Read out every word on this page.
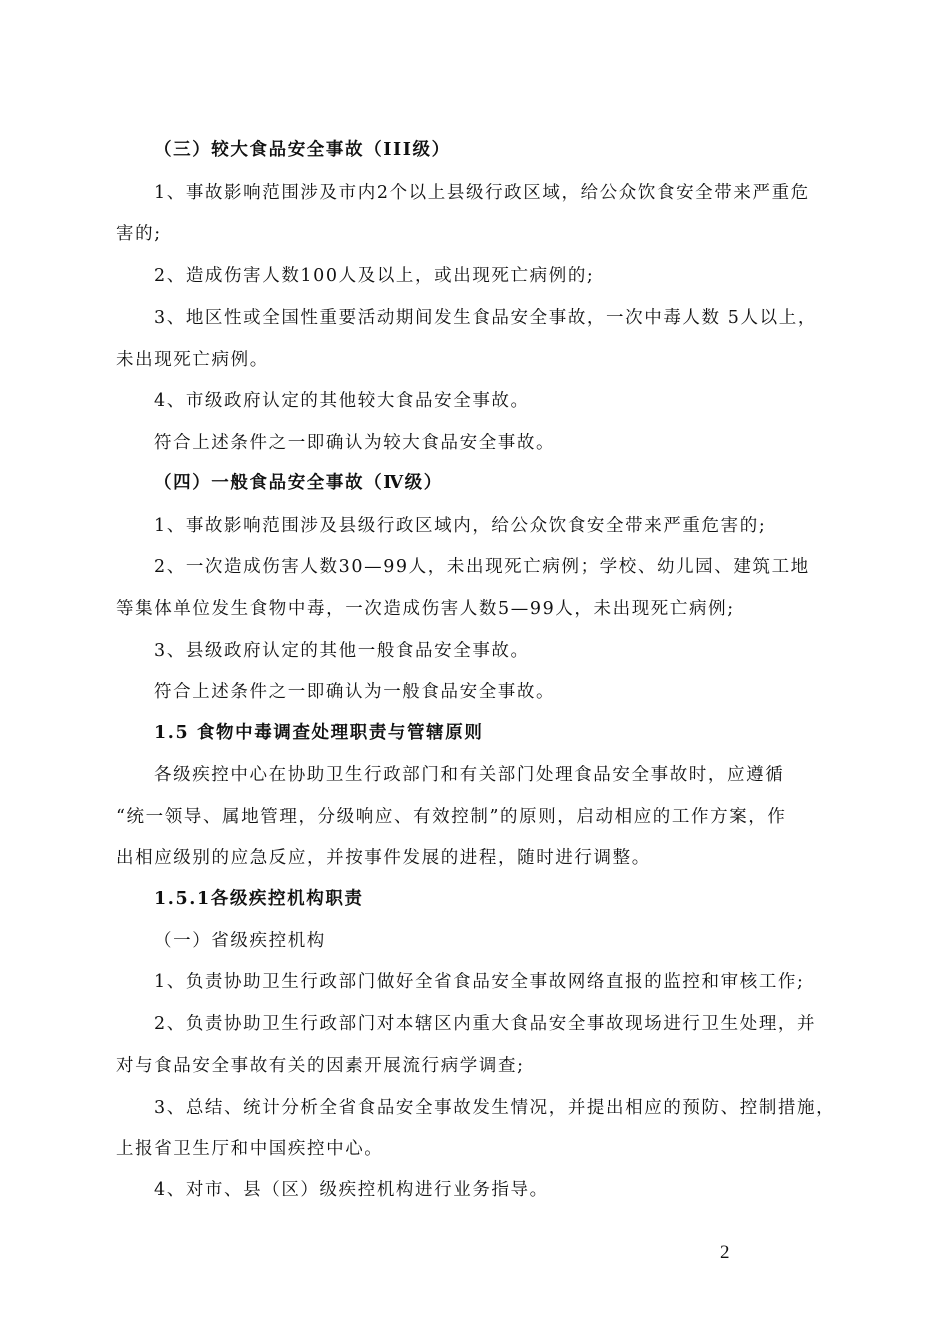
（三）较大食品安全事故（III级）
1、事故影响范围涉及市内2个以上县级行政区域，给公众饮食安全带来严重危
害的;
2、造成伤害人数100人及以上，或出现死亡病例的;
3、地区性或全国性重要活动期间发生食品安全事故，一次中毒人数 5人以上，
未出现死亡病例。
4、市级政府认定的其他较大食品安全事故。
符合上述条件之一即确认为较大食品安全事故。
（四）一般食品安全事故（Ⅳ级）
1、事故影响范围涉及县级行政区域内，给公众饮食安全带来严重危害的;
2、一次造成伤害人数30—99人，未出现死亡病例；学校、幼儿园、建筑工地
等集体单位发生食物中毒，一次造成伤害人数5—99人，未出现死亡病例;
3、县级政府认定的其他一般食品安全事故。
符合上述条件之一即确认为一般食品安全事故。
1.5 食物中毒调查处理职责与管辖原则
各级疾控中心在协助卫生行政部门和有关部门处理食品安全事故时，应遵循
“统一领导、属地管理，分级响应、有效控制”的原则，启动相应的工作方案，作
出相应级别的应急反应，并按事件发展的进程，随时进行调整。
1.5.1各级疾控机构职责
（一）省级疾控机构
1、负责协助卫生行政部门做好全省食品安全事故网络直报的监控和审核工作;
2、负责协助卫生行政部门对本辖区内重大食品安全事故现场进行卫生处理，并
对与食品安全事故有关的因素开展流行病学调查;
3、总结、统计分析全省食品安全事故发生情况，并提出相应的预防、控制措施，
上报省卫生厅和中国疾控中心。
4、对市、县（区）级疾控机构进行业务指导。
2
